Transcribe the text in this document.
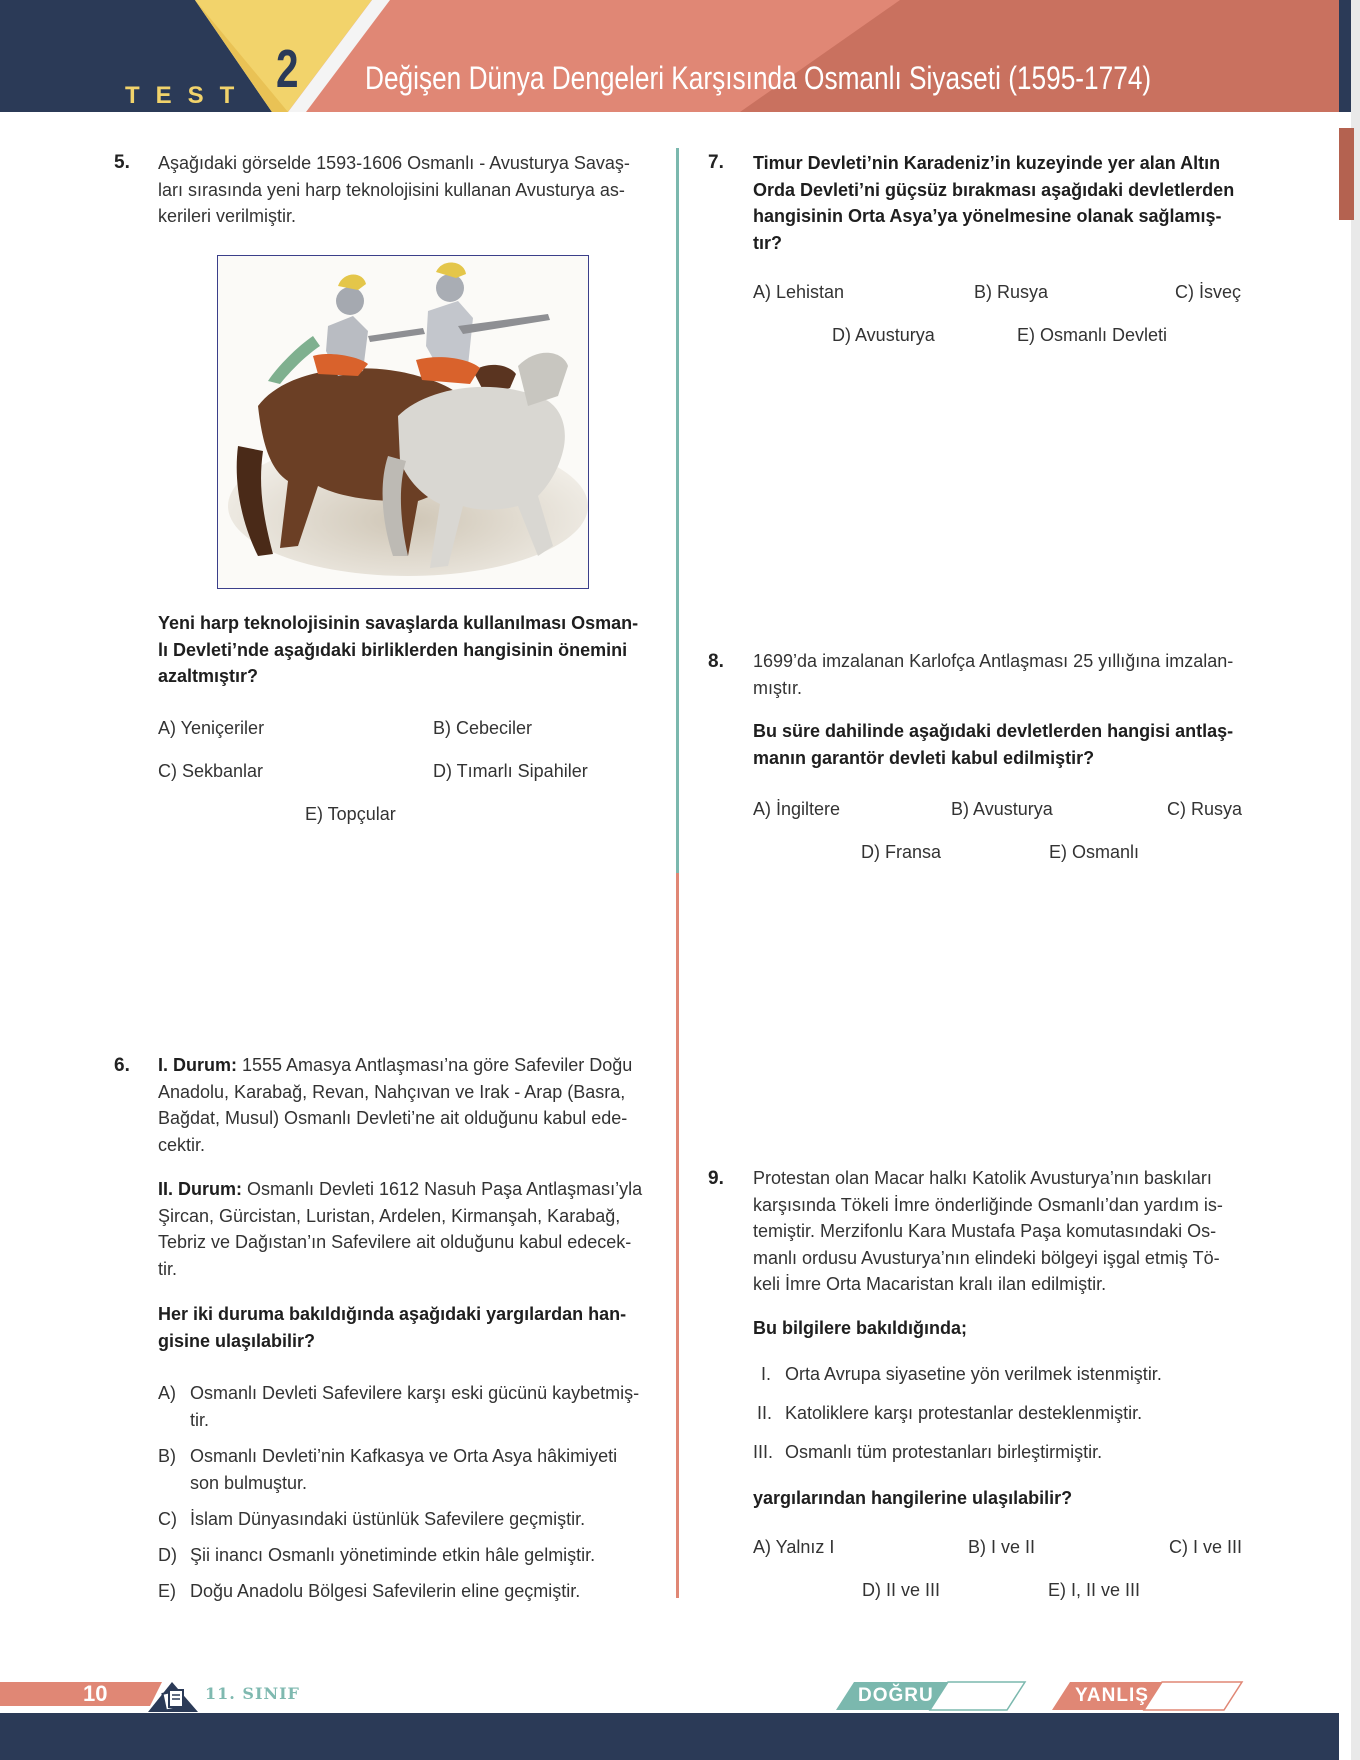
TEST 2 Değişen Dünya Dengeleri Karşısında Osmanlı Siyaseti (1595-1774)
5. Aşağıdaki görselde 1593-1606 Osmanlı - Avusturya Savaş-
ları sırasında yeni harp teknolojisini kullanan Avusturya as-
kerileri verilmiştir.
Yeni harp teknolojisinin savaşlarda kullanılması Osman-
lı Devleti’nde aşağıdaki birliklerden hangisinin önemini
azaltmıştır?
A) Yeniçeriler	B) Cebeciler
C) Sekbanlar	D) Tımarlı Sipahiler
E) Topçular
6. I. Durum: 1555 Amasya Antlaşması’na göre Safeviler Doğu
Anadolu, Karabağ, Revan, Nahçıvan ve Irak - Arap (Basra,
Bağdat, Musul) Osmanlı Devleti’ne ait olduğunu kabul ede-
cektir.
II. Durum: Osmanlı Devleti 1612 Nasuh Paşa Antlaşması’yla
Şircan, Gürcistan, Luristan, Ardelen, Kirmanşah, Karabağ,
Tebriz ve Dağıstan’ın Safevilere ait olduğunu kabul edecek-
tir.
Her iki duruma bakıldığında aşağıdaki yargılardan han-
gisine ulaşılabilir?
A) Osmanlı Devleti Safevilere karşı eski gücünü kaybetmiş-
tir.
B) Osmanlı Devleti’nin Kafkasya ve Orta Asya hâkimiyeti
son bulmuştur.
C) İslam Dünyasındaki üstünlük Safevilere geçmiştir.
D) Şii inancı Osmanlı yönetiminde etkin hâle gelmiştir.
E) Doğu Anadolu Bölgesi Safevilerin eline geçmiştir.
7. Timur Devleti’nin Karadeniz’in kuzeyinde yer alan Altın
Orda Devleti’ni güçsüz bırakması aşağıdaki devletlerden
hangisinin Orta Asya’ya yönelmesine olanak sağlamış-
tır?
A) Lehistan	B) Rusya	C) İsveç
D) Avusturya	E) Osmanlı Devleti
8. 1699’da imzalanan Karlofça Antlaşması 25 yıllığına imzalan-
mıştır.
Bu süre dahilinde aşağıdaki devletlerden hangisi antlaş-
manın garantör devleti kabul edilmiştir?
A) İngiltere	B) Avusturya	C) Rusya
D) Fransa	E) Osmanlı
9. Protestan olan Macar halkı Katolik Avusturya’nın baskıları
karşısında Tökeli İmre önderliğinde Osmanlı’dan yardım is-
temiştir. Merzifonlu Kara Mustafa Paşa komutasındaki Os-
manlı ordusu Avusturya’nın elindeki bölgeyi işgal etmiş Tö-
keli İmre Orta Macaristan kralı ilan edilmiştir.
Bu bilgilere bakıldığında;
I. Orta Avrupa siyasetine yön verilmek istenmiştir.
II. Katoliklere karşı protestanlar desteklenmiştir.
III. Osmanlı tüm protestanları birleştirmiştir.
yargılarından hangilerine ulaşılabilir?
A) Yalnız I	B) I ve II	C) I ve III
D) II ve III	E) I, II ve III
10	11. SINIF	DOĞRU	YANLIŞ
